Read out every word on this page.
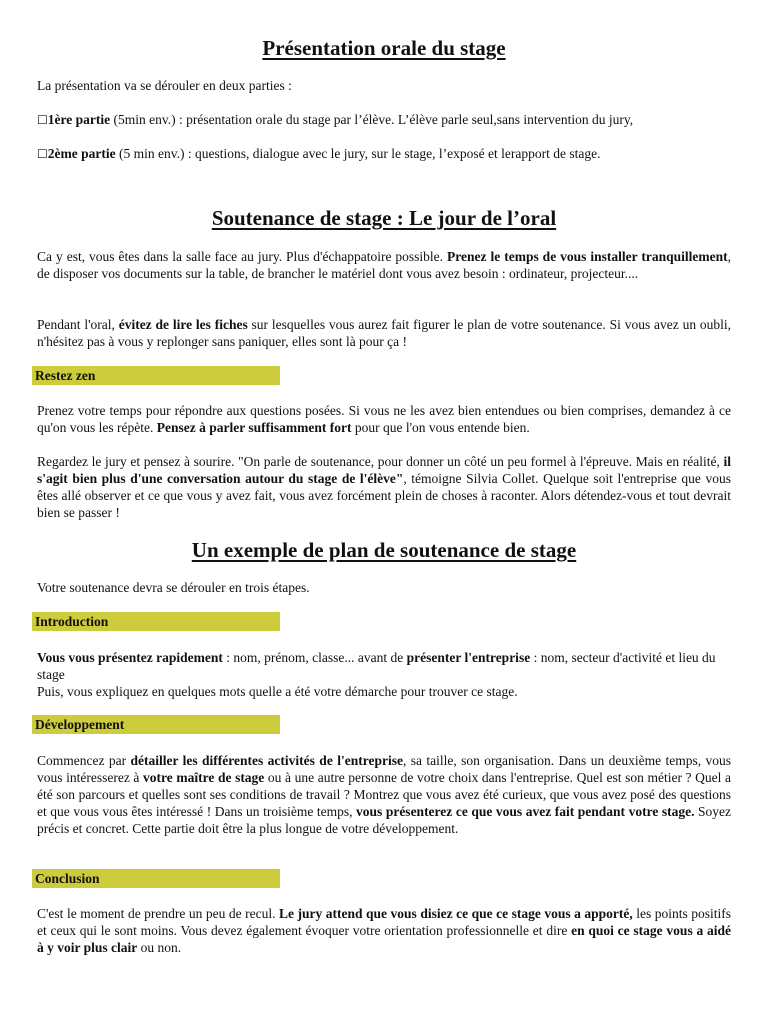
Présentation orale du stage

La présentation va se dérouler en deux parties :

☐1ère partie (5min env.) : présentation orale du stage par l’élève. L’élève parle seul,sans intervention du jury,

☐2ème partie (5 min env.) : questions, dialogue avec le jury, sur le stage, l’exposé et lerapport de stage.

Soutenance de stage : Le jour de l’oral

Ca y est, vous êtes dans la salle face au jury. Plus d'échappatoire possible. Prenez le temps de vous installer tranquillement, de disposer vos documents sur la table, de brancher le matériel dont vous avez besoin : ordinateur, projecteur....

Pendant l'oral, évitez de lire les fiches sur lesquelles vous aurez fait figurer le plan de votre soutenance. Si vous avez un oubli, n'hésitez pas à vous y replonger sans paniquer, elles sont là pour ça !

Restez zen

Prenez votre temps pour répondre aux questions posées. Si vous ne les avez bien entendues ou bien comprises, demandez à ce qu'on vous les répète. Pensez à parler suffisamment fort pour que l'on vous entende bien.

Regardez le jury et pensez à sourire. "On parle de soutenance, pour donner un côté un peu formel à l'épreuve. Mais en réalité, il s'agit bien plus d'une conversation autour du stage de l'élève", témoigne Silvia Collet. Quelque soit l'entreprise que vous êtes allé observer et ce que vous y avez fait, vous avez forcément plein de choses à raconter. Alors détendez-vous et tout devrait bien se passer !

Un exemple de plan de soutenance de stage

Votre soutenance devra se dérouler en trois étapes.

Introduction

Vous vous présentez rapidement : nom, prénom, classe... avant de présenter l'entreprise : nom, secteur d'activité et lieu du stage
Puis, vous expliquez en quelques mots quelle a été votre démarche pour trouver ce stage.

Développement

Commencez par détailler les différentes activités de l'entreprise, sa taille, son organisation. Dans un deuxième temps, vous vous intéresserez à votre maître de stage ou à une autre personne de votre choix dans l'entreprise. Quel est son métier ? Quel a été son parcours et quelles sont ses conditions de travail ? Montrez que vous avez été curieux, que vous avez posé des questions et que vous vous êtes intéressé ! Dans un troisième temps, vous présenterez ce que vous avez fait pendant votre stage. Soyez précis et concret. Cette partie doit être la plus longue de votre développement.

Conclusion

C'est le moment de prendre un peu de recul. Le jury attend que vous disiez ce que ce stage vous a apporté, les points positifs et ceux qui le sont moins. Vous devez également évoquer votre orientation professionnelle et dire en quoi ce stage vous a aidé à y voir plus clair ou non.
